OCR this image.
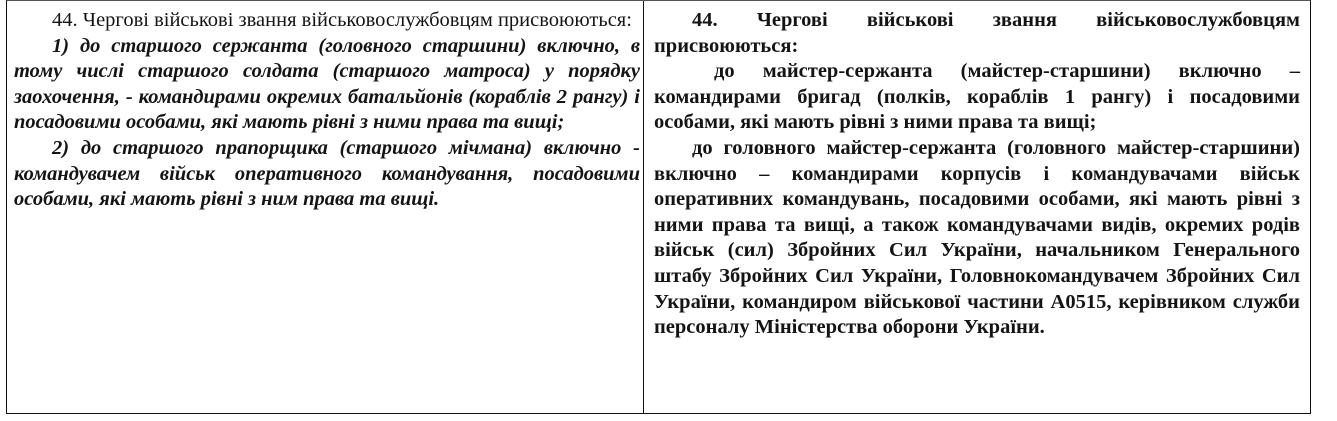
44. Чергові військові звання військовослужбовцям присвоюються:

1) до старшого сержанта (головного старшини) включно, в тому числі старшого солдата (старшого матроса) у порядку заохочення, - командирами окремих батальйонів (кораблів 2 рангу) і посадовими особами, які мають рівні з ними права та вищі;

2) до старшого прапорщика (старшого мічмана) включно - командувачем військ оперативного командування, посадовими особами, які мають рівні з ним права та вищі.

44. Чергові військові звання військовослужбовцям присвоюються:

до майстер-сержанта (майстер-старшини) включно – командирами бригад (полків, кораблів 1 рангу) і посадовими особами, які мають рівні з ними права та вищі;

до головного майстер-сержанта (головного майстер-старшини) включно – командирами корпусів і командувачами військ оперативних командувань, посадовими особами, які мають рівні з ними права та вищі, а також командувачами видів, окремих родів військ (сил) Збройних Сил України, начальником Генерального штабу Збройних Сил України, Головнокомандувачем Збройних Сил України, командиром військової частини А0515, керівником служби персоналу Міністерства оборони України.
